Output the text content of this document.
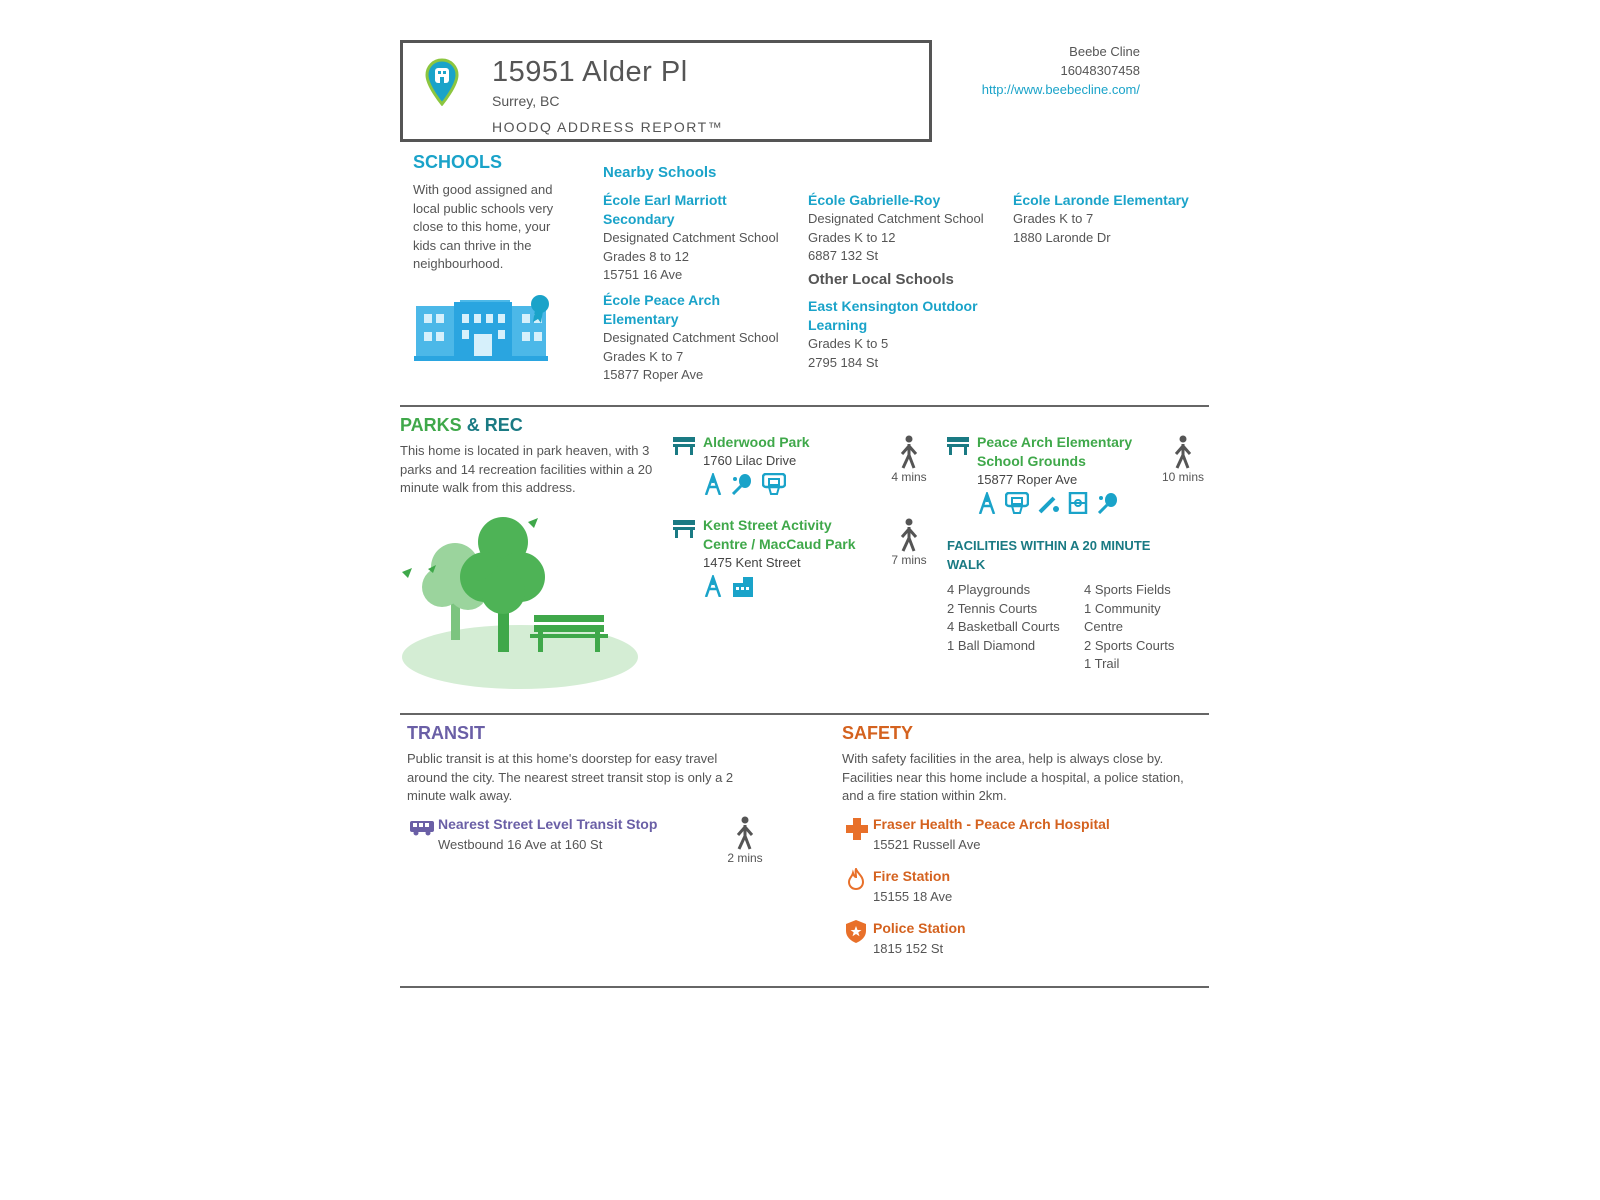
15951 Alder Pl
Surrey, BC
HOODQ ADDRESS REPORT™
Beebe Cline
16048307458
http://www.beebecline.com/
SCHOOLS
With good assigned and
local public schools very
close to this home, your
kids can thrive in the
neighbourhood.
Nearby Schools
École Earl Marriott
Secondary
Designated Catchment School
Grades 8 to 12
15751 16 Ave
École Peace Arch
Elementary
Designated Catchment School
Grades K to 7
15877 Roper Ave
École Gabrielle-Roy
Designated Catchment School
Grades K to 12
6887 132 St
École Laronde Elementary
Grades K to 7
1880 Laronde Dr
Other Local Schools
East Kensington Outdoor
Learning
Grades K to 5
2795 184 St
PARKS & REC
This home is located in park heaven, with 3
parks and 14 recreation facilities within a 20
minute walk from this address.
Alderwood Park
1760 Lilac Drive

4 mins
Kent Street Activity
Centre / MacCaud Park
1475 Kent Street
	7 mins
Peace Arch Elementary
School Grounds
15877 Roper Ave
	10 mins
FACILITIES WITHIN A 20 MINUTE
WALK
4 Playgrounds
2 Tennis Courts
4 Basketball Courts
1 Ball Diamond
4 Sports Fields
1 Community
Centre
2 Sports Courts
1 Trail
TRANSIT
Public transit is at this home's doorstep for easy travel
around the city. The nearest street transit stop is only a 2
minute walk away.
Nearest Street Level Transit Stop
Westbound 16 Ave at 160 St
2 mins
SAFETY
With safety facilities in the area, help is always close by.
Facilities near this home include a hospital, a police station,
and a fire station within 2km.
Fraser Health - Peace Arch Hospital
15521 Russell Ave
Fire Station
15155 18 Ave
Police Station
1815 152 St
